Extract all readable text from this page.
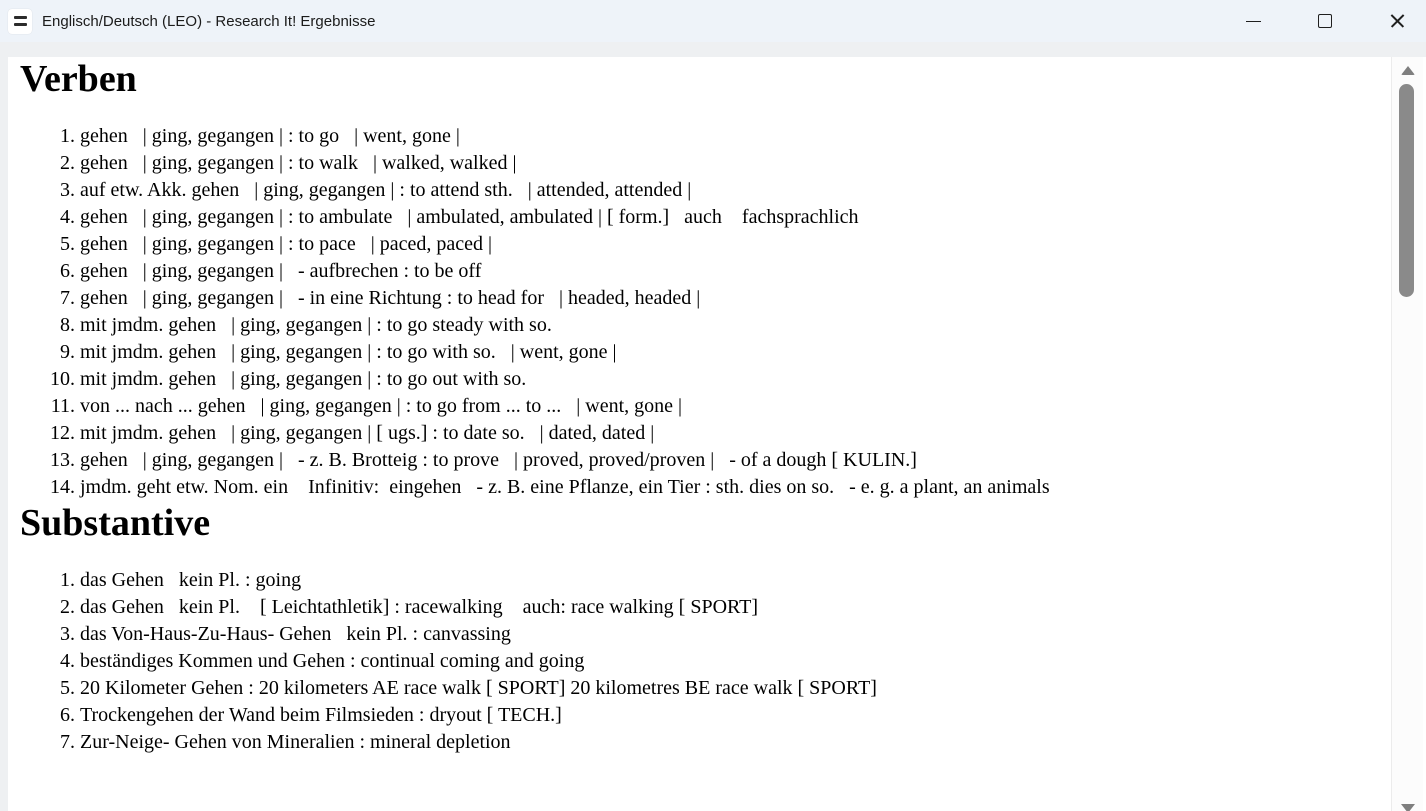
Englisch/Deutsch (LEO) - Research It! Ergebnisse
Verben
1. gehen   | ging, gegangen | : to go   | went, gone |
2. gehen   | ging, gegangen | : to walk   | walked, walked |
3. auf etw. Akk. gehen   | ging, gegangen | : to attend sth.   | attended, attended |
4. gehen   | ging, gegangen | : to ambulate   | ambulated, ambulated | [ form.]   auch    fachsprachlich
5. gehen   | ging, gegangen | : to pace   | paced, paced |
6. gehen   | ging, gegangen |   - aufbrechen : to be off
7. gehen   | ging, gegangen |   - in eine Richtung : to head for   | headed, headed |
8. mit jmdm. gehen   | ging, gegangen | : to go steady with so.
9. mit jmdm. gehen   | ging, gegangen | : to go with so.   | went, gone |
10. mit jmdm. gehen   | ging, gegangen | : to go out with so.
11. von ... nach ... gehen   | ging, gegangen | : to go from ... to ...   | went, gone |
12. mit jmdm. gehen   | ging, gegangen | [ ugs.] : to date so.   | dated, dated |
13. gehen   | ging, gegangen |   - z. B. Brotteig : to prove   | proved, proved/proven |   - of a dough [ KULIN.]
14. jmdm. geht etw. Nom. ein    Infinitiv:  eingehen   - z. B. eine Pflanze, ein Tier : sth. dies on so.   - e. g. a plant, an animals
Substantive
1. das Gehen   kein Pl. : going
2. das Gehen   kein Pl.    [ Leichtathletik] : racewalking    auch: race walking [ SPORT]
3. das Von-Haus-Zu-Haus- Gehen   kein Pl. : canvassing
4. beständiges Kommen und Gehen : continual coming and going
5. 20 Kilometer Gehen : 20 kilometers AE race walk [ SPORT] 20 kilometres BE race walk [ SPORT]
6. Trockengehen der Wand beim Filmsieden : dryout [ TECH.]
7. Zur-Neige- Gehen von Mineralien : mineral depletion
